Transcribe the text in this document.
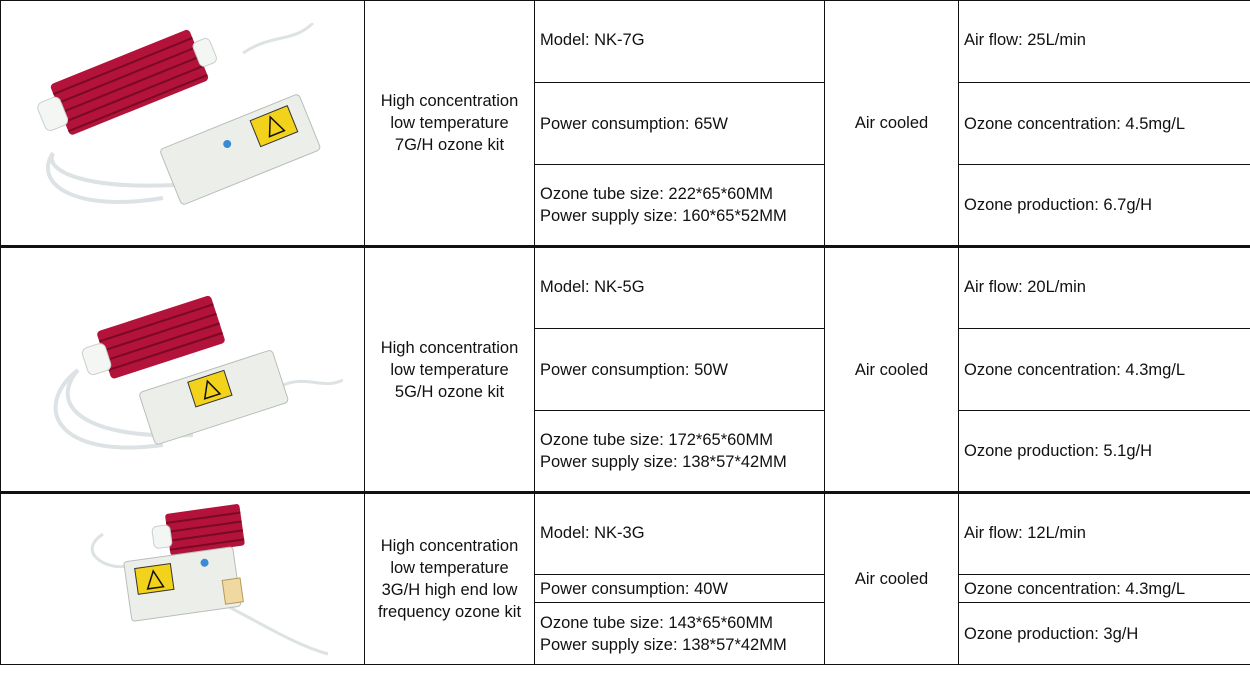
High concentration
low temperature
7G/H ozone kit	Model: NK-7G	Air cooled	Air flow: 25L/min
		Power consumption: 65W		Ozone concentration: 4.5mg/L

		Ozone tube size: 222*65*60MM
Power supply size: 160*65*52MM		Ozone production: 6.7g/H

High concentration
low temperature
5G/H ozone kit	Model: NK-5G	Air cooled	Air flow: 20L/min
		Power consumption: 50W		Ozone concentration: 4.3mg/L

		Ozone tube size: 172*65*60MM
Power supply size: 138*57*42MM		Ozone production: 5.1g/H

High concentration
low temperature
3G/H high end low
frequency ozone kit	Model: NK-3G	Air cooled	Air flow: 12L/min
		Power consumption: 40W		Ozone concentration: 4.3mg/L

		Ozone tube size: 143*65*60MM
Power supply size: 138*57*42MM		Ozone production: 3g/H
